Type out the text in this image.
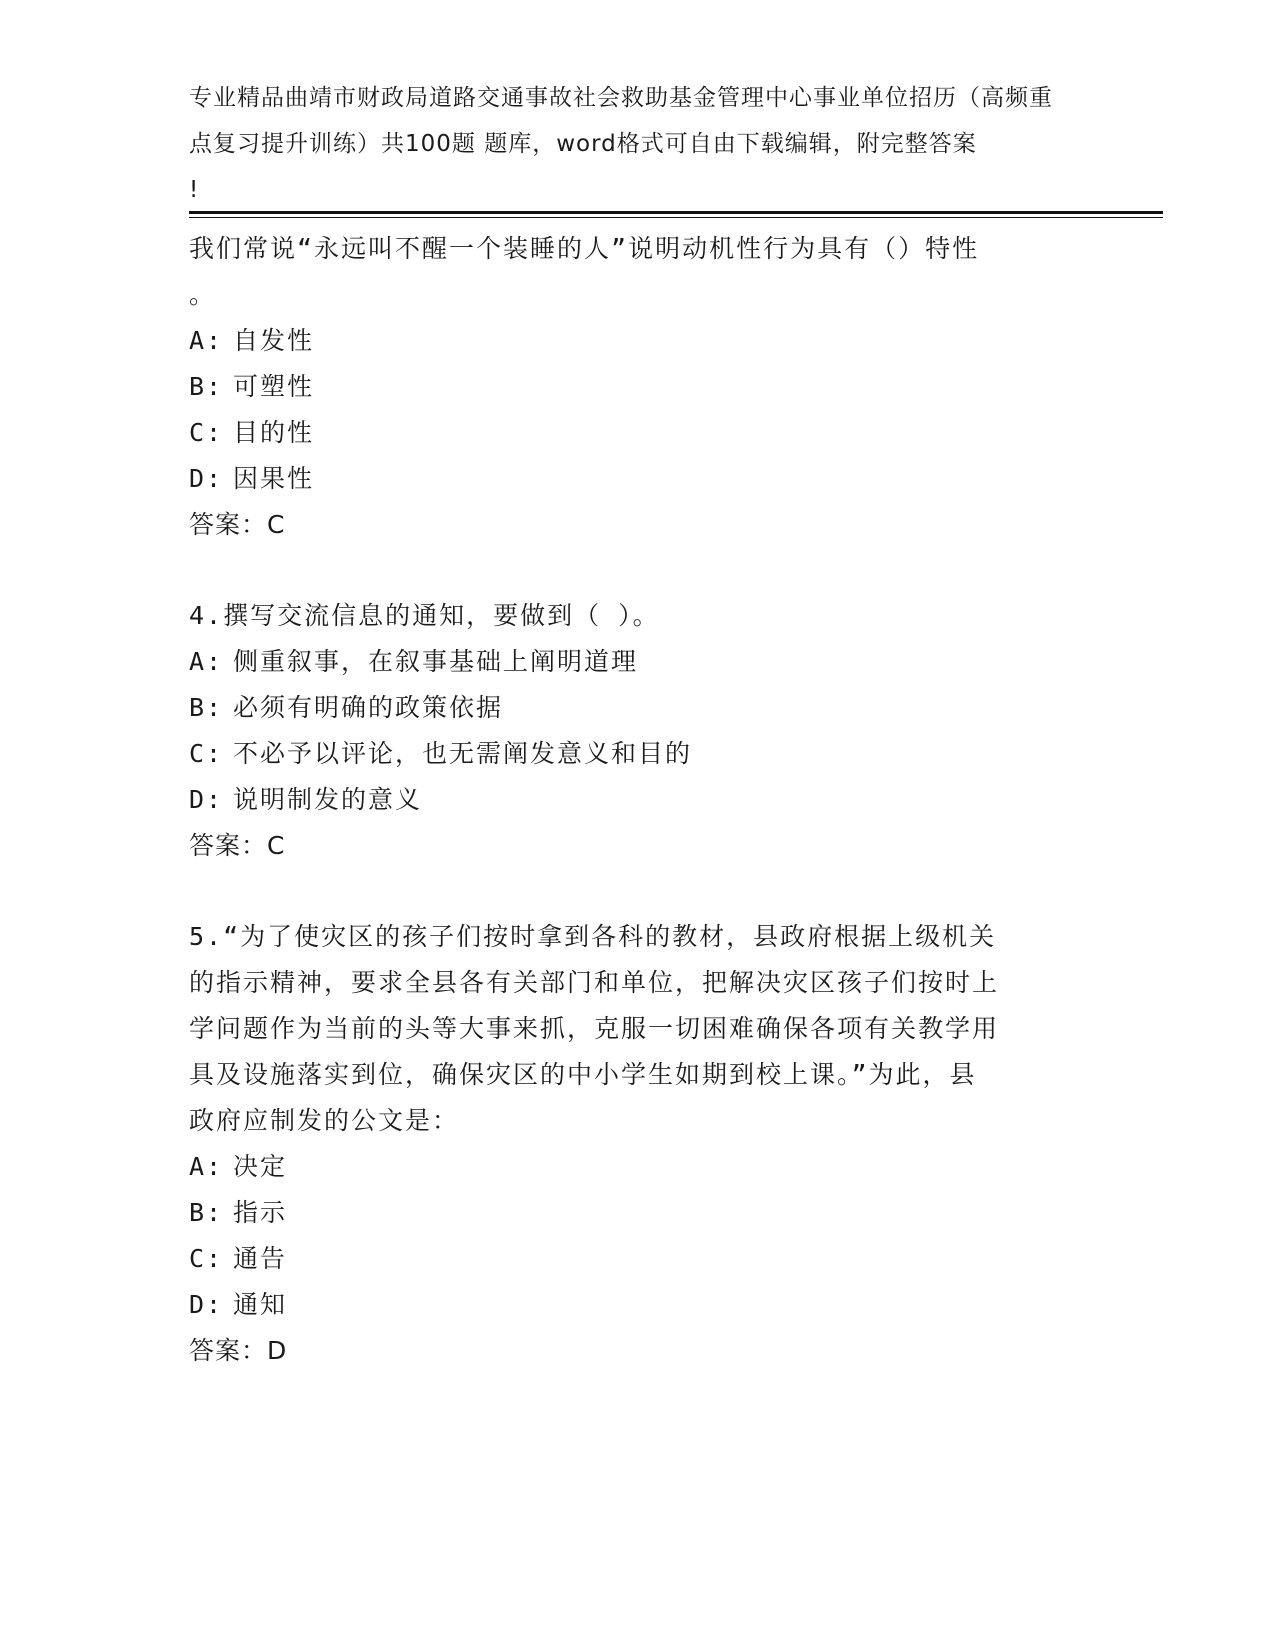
专业精品曲靖市财政局道路交通事故社会救助基金管理中心事业单位招历（高频重
点复习提升训练）共100题 题库，word格式可自由下载编辑，附完整答案
!
我们常说“永远叫不醒一个装睡的人”说明动机性行为具有（）特性
。
A: 自发性
B: 可塑性
C: 目的性
D: 因果性
答案：C
4.撰写交流信息的通知，要做到（ ）。
A: 侧重叙事，在叙事基础上阐明道理
B: 必须有明确的政策依据
C: 不必予以评论，也无需阐发意义和目的
D: 说明制发的意义
答案：C
5.“为了使灾区的孩子们按时拿到各科的教材，县政府根据上级机关
的指示精神，要求全县各有关部门和单位，把解决灾区孩子们按时上
学问题作为当前的头等大事来抓，克服一切困难确保各项有关教学用
具及设施落实到位，确保灾区的中小学生如期到校上课。”为此，县
政府应制发的公文是：
A: 决定
B: 指示
C: 通告
D: 通知
答案：D
